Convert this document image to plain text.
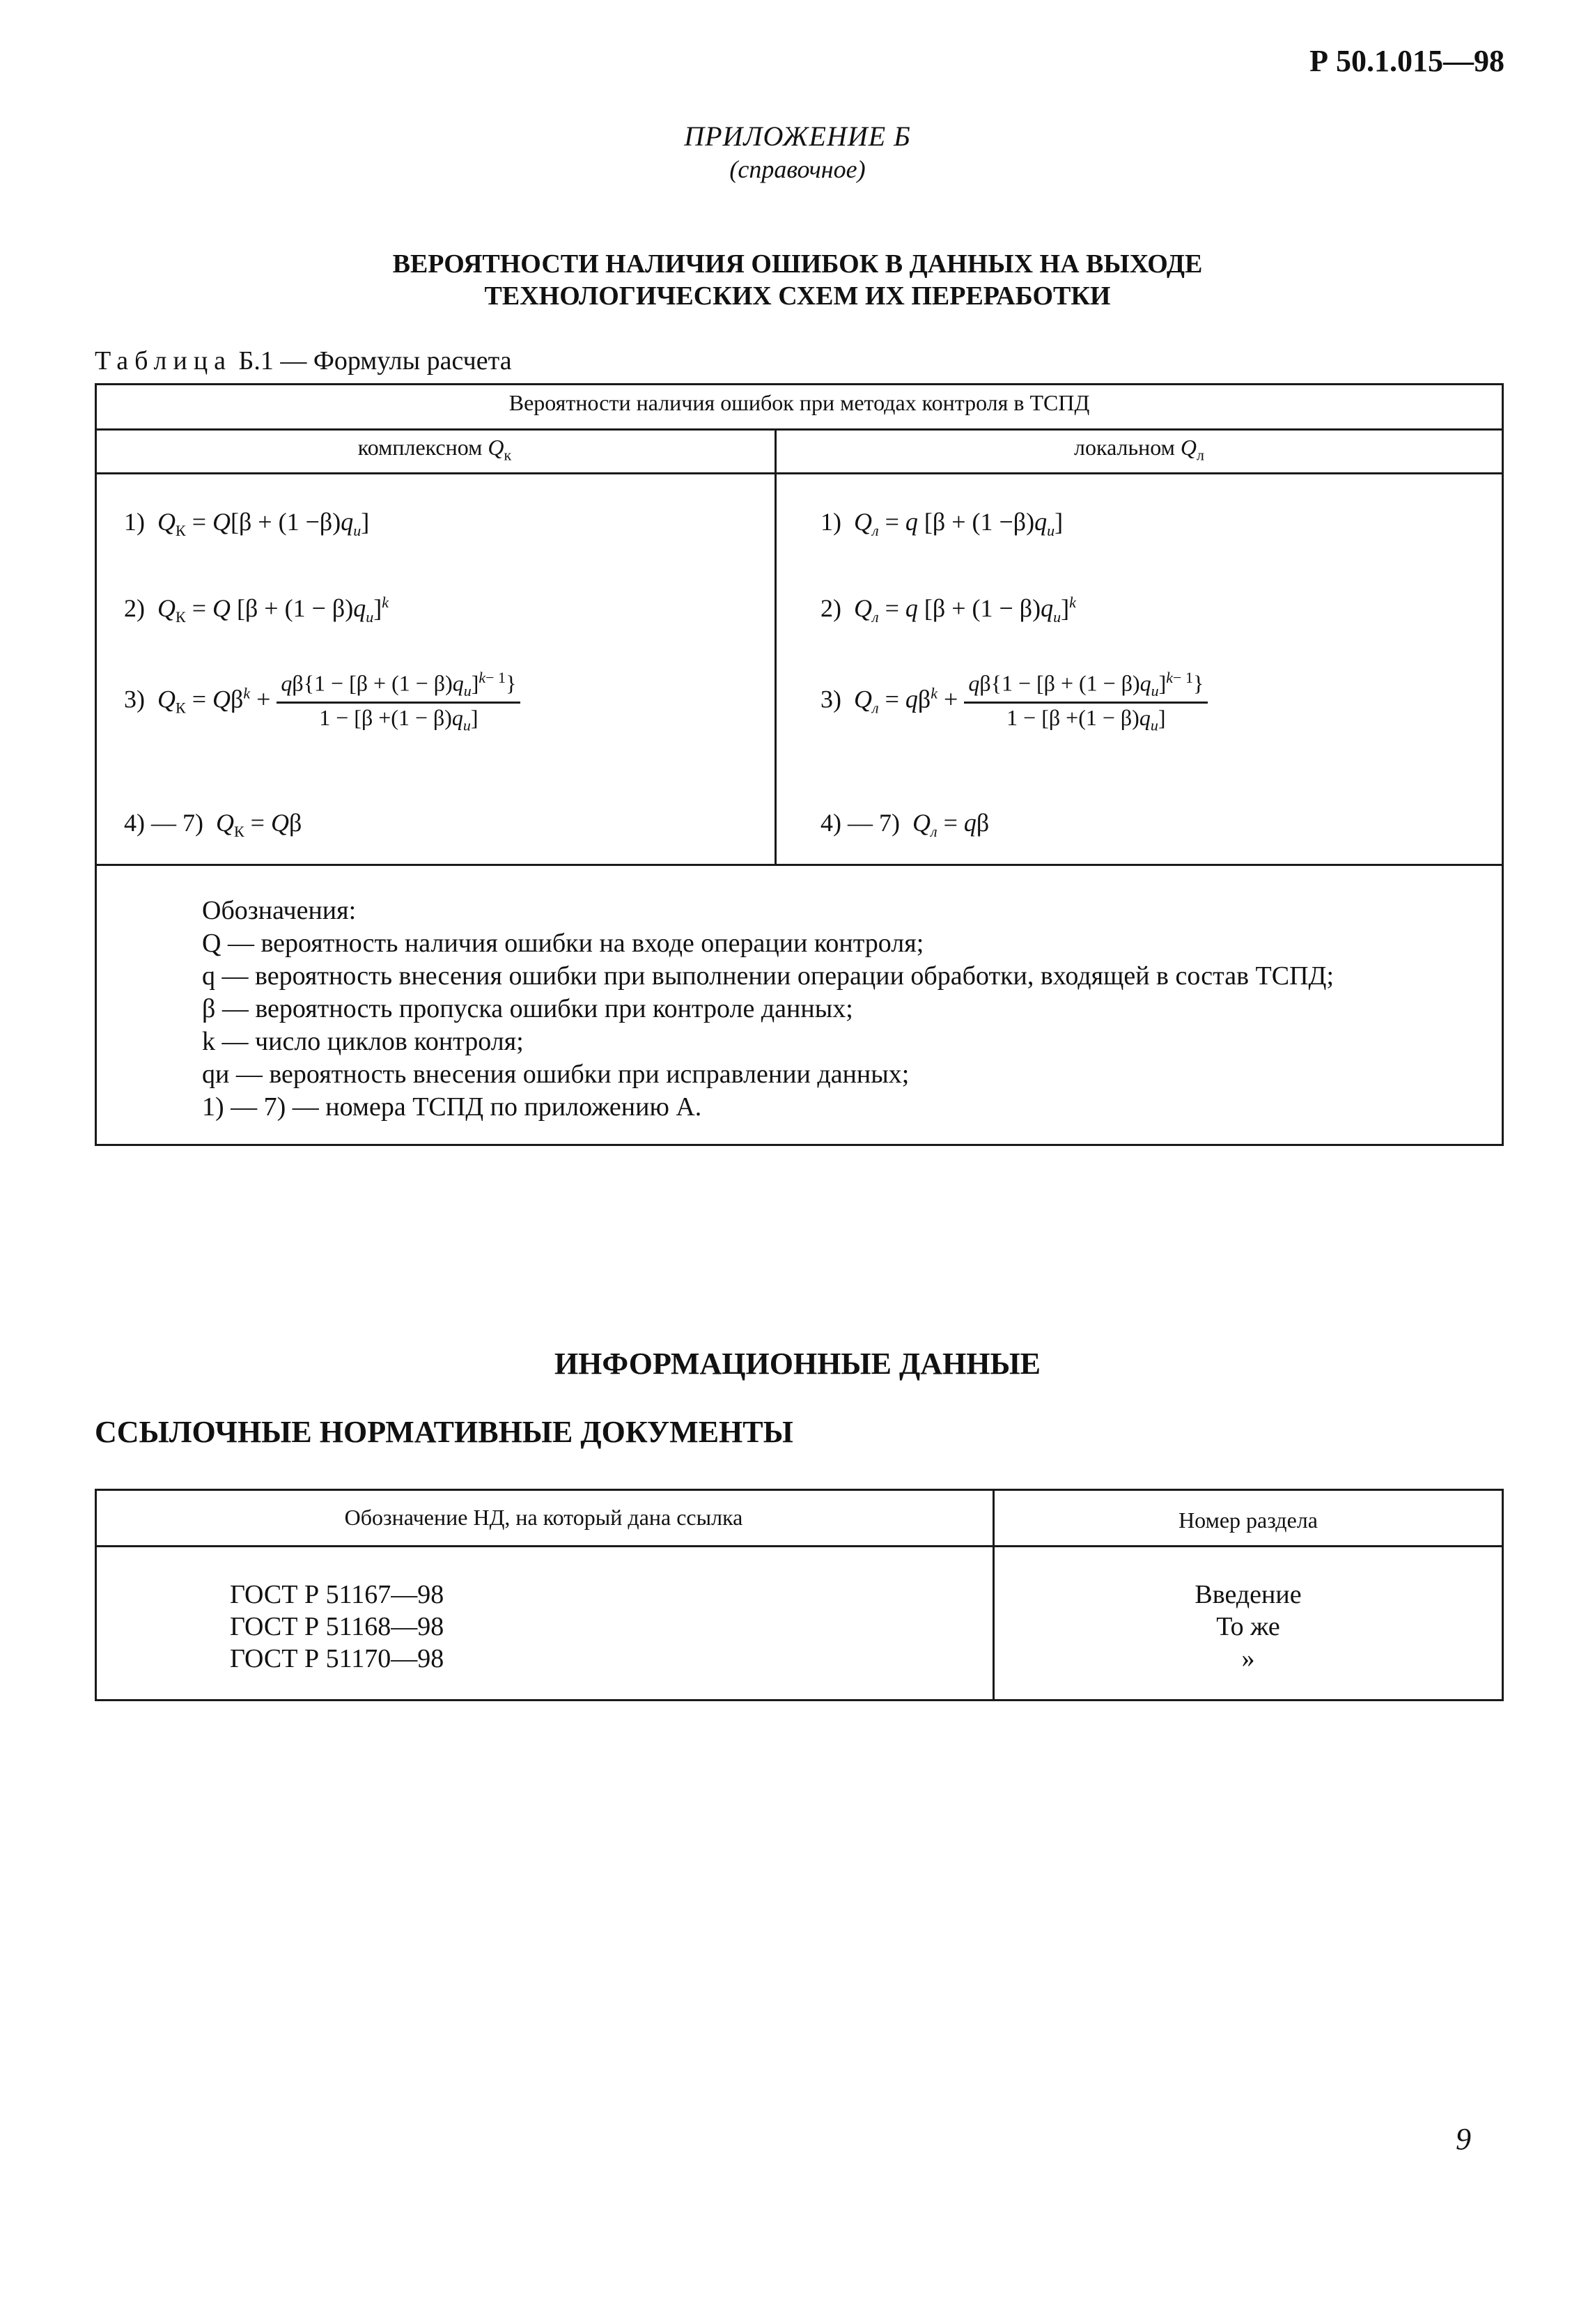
Р 50.1.015—98
ПРИЛОЖЕНИЕ Б
(справочное)
ВЕРОЯТНОСТИ НАЛИЧИЯ ОШИБОК В ДАННЫХ НА ВЫХОДЕ
ТЕХНОЛОГИЧЕСКИХ СХЕМ ИХ ПЕРЕРАБОТКИ
Таблица Б.1 — Формулы расчета
Вероятности наличия ошибок при методах контроля в ТСПД
комплексном $Q_к$	локальном $Q_л$
1)  $Q_К = Q[\beta + (1 -\beta)q_и]$
2)  $Q_К = Q$ $[\beta + (1 - \beta)q_и]^k$
3)  $Q_К = Q\beta^k + \frac{q\beta\{1 - [\beta + (1 - \beta)q_и]^{k- 1}\}}{1 - [\beta +(1 - \beta)q_и]}$
4) — 7)  $Q_К = Q\beta$
1)  $Q_л = q$ $[\beta + (1 -\beta)q_и]$
2)  $Q_л = q$ $[\beta + (1 - \beta)q_и]^k$
3)  $Q_л = q\beta^k + \frac{q\beta\{1 - [\beta + (1 - \beta)q_и]^{k- 1}\}}{1 - [\beta +(1 - \beta)q_и]}$
4) — 7)  $Q_л = q\beta$
Обозначения:
Q — вероятность наличия ошибки на входе операции контроля;
q — вероятность внесения ошибки при выполнении операции обработки, входящей в состав ТСПД;
β — вероятность пропуска ошибки при контроле данных;
k — число циклов контроля;
qи — вероятность внесения ошибки при исправлении данных;
1) — 7) — номера ТСПД по приложению А.
ИНФОРМАЦИОННЫЕ ДАННЫЕ
ССЫЛОЧНЫЕ НОРМАТИВНЫЕ ДОКУМЕНТЫ
Обозначение НД, на который дана ссылка	Номер раздела
ГОСТ Р 51167—98
ГОСТ Р 51168—98
ГОСТ Р 51170—98
Введение
То же
»
9
